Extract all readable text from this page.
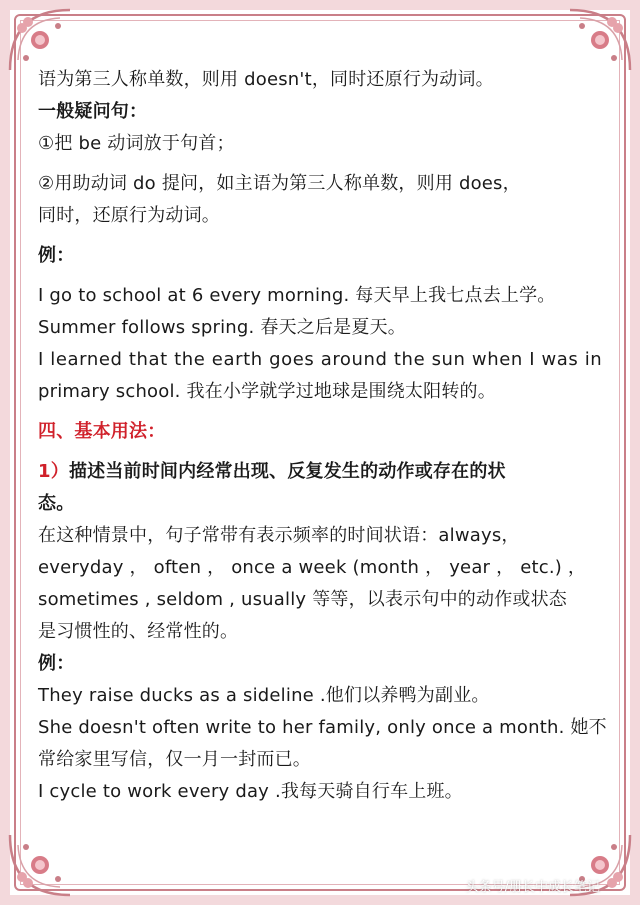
语为第三人称单数，则用 doesn't，同时还原行为动词。

一般疑问句：

①把 be 动词放于句首；

②用助动词 do 提问，如主语为第三人称单数，则用 does，

同时，还原行为动词。

例：

I go to school at 6 every morning. 每天早上我七点去上学。

Summer follows spring. 春天之后是夏天。

I learned that the earth goes around the sun when I was in

primary school. 我在小学就学过地球是围绕太阳转的。

四、基本用法：

1）描述当前时间内经常出现、反复发生的动作或存在的状

态。

在这种情景中，句子常带有表示频率的时间状语：always，

everyday ， often ， once a week (month ， year ， etc.) ，

sometimes , seldom , usually 等等，以表示句中的动作或状态

是习惯性的、经常性的。

例：

They raise ducks as a sideline .他们以养鸭为副业。

She doesn't often write to her family, only once a month. 她不

常给家里写信，仅一月一封而已。

I cycle to work every day .我每天骑自行车上班。

头条号/册长中成长笔记
